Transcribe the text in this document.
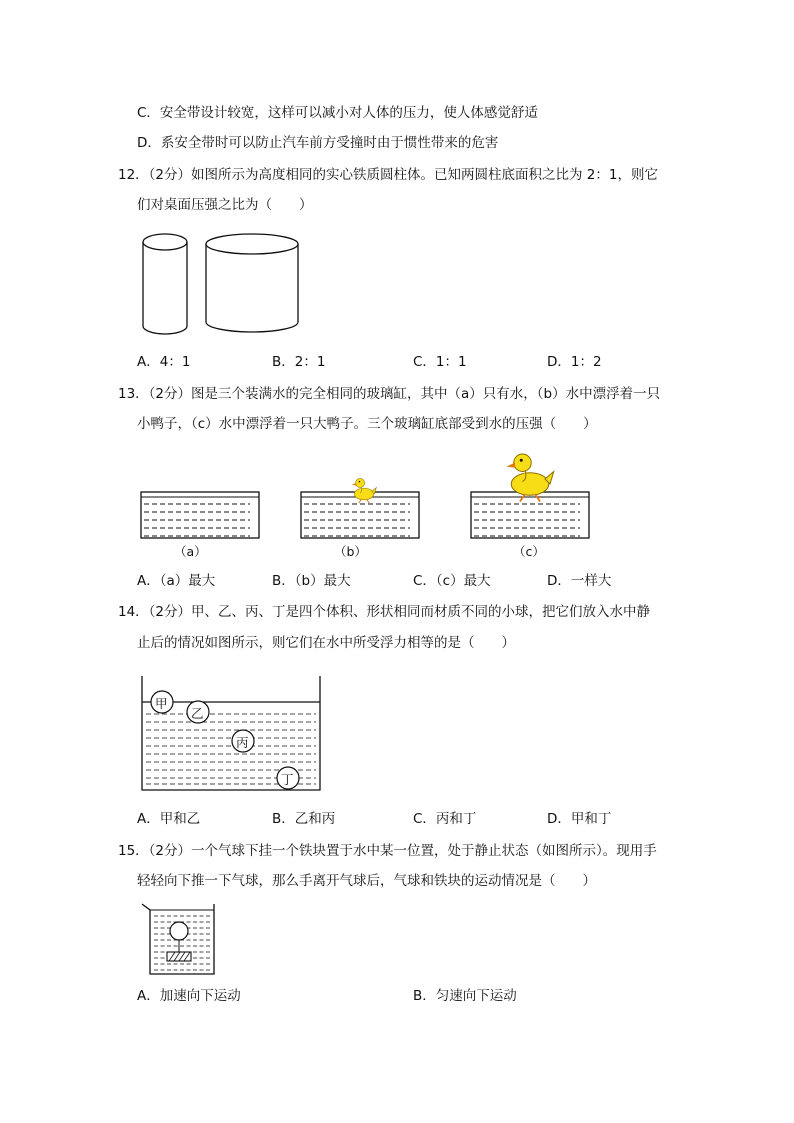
C．安全带设计较宽，这样可以减小对人体的压力，使人体感觉舒适
D．系安全带时可以防止汽车前方受撞时由于惯性带来的危害
12．（2分）如图所示为高度相同的实心铁质圆柱体。已知两圆柱底面积之比为 2：1，则它
们对桌面压强之比为（　　）
A．4：1	B．2：1	C．1：1	D．1：2
13．（2分）图是三个装满水的完全相同的玻璃缸，其中（a）只有水，（b）水中漂浮着一只
小鸭子，（c）水中漂浮着一只大鸭子。三个玻璃缸底部受到水的压强（　　）
（a）	（b）	（c）
A．（a）最大	B．（b）最大	C．（c）最大	D．一样大
14．（2分）甲、乙、丙、丁是四个体积、形状相同而材质不同的小球，把它们放入水中静
止后的情况如图所示，则它们在水中所受浮力相等的是（　　）
甲
乙
丙
丁
A．甲和乙	B．乙和丙	C．丙和丁	D．甲和丁
15．（2分）一个气球下挂一个铁块置于水中某一位置，处于静止状态（如图所示）。现用手
轻轻向下推一下气球，那么手离开气球后，气球和铁块的运动情况是（　　）
A．加速向下运动	B．匀速向下运动
